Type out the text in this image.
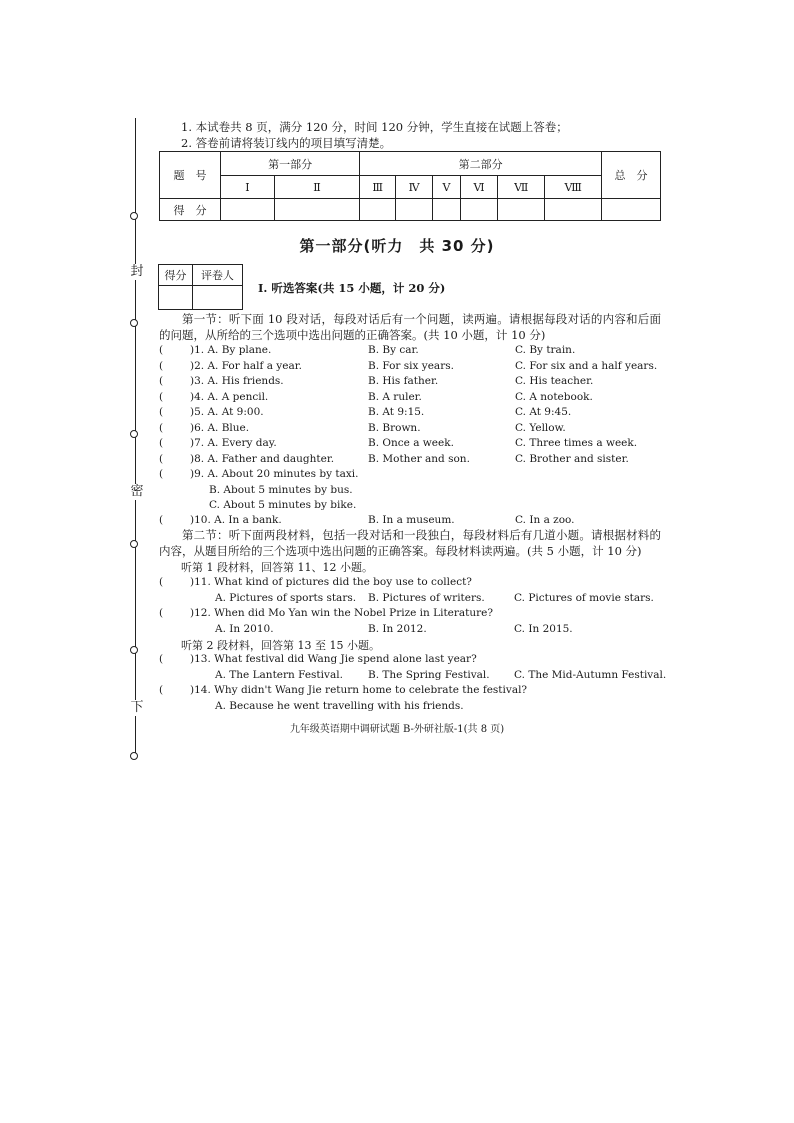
封
密
下
1. 本试卷共 8 页，满分 120 分，时间 120 分钟，学生直接在试题上答卷；
2. 答卷前请将装订线内的项目填写清楚。
题　号	第一部分		第二部分						总　分
	Ⅰ	Ⅱ	Ⅲ	Ⅳ	Ⅴ	Ⅵ	Ⅶ	Ⅷ	
得　分									
第一部分(听力　共 30 分)
得分	评卷人

Ⅰ. 听选答案(共 15 小题，计 20 分)

第一节：听下面 10 段对话，每段对话后有一个问题，读两遍。请根据每段对话的内容和后面的问题，从所给的三个选项中选出问题的正确答案。(共 10 小题，计 10 分)

(	)1. A. By plane.	B. By car.	C. By train.
(	)2. A. For half a year.	B. For six years.	C. For six and a half years.
(	)3. A. His friends.	B. His father.	C. His teacher.
(	)4. A. A pencil.	B. A ruler.	C. A notebook.
(	)5. A. At 9:00.	B. At 9:15.	C. At 9:45.
(	)6. A. Blue.	B. Brown.	C. Yellow.
(	)7. A. Every day.	B. Once a week.	C. Three times a week.
(	)8. A. Father and daughter.	B. Mother and son.	C. Brother and sister.
(	)9. A. About 20 minutes by taxi.
B. About 5 minutes by bus.
C. About 5 minutes by bike.
(	)10. A. In a bank.	B. In a museum.	C. In a zoo.

第二节：听下面两段材料，包括一段对话和一段独白，每段材料后有几道小题。请根据材料的内容，从题目所给的三个选项中选出问题的正确答案。每段材料读两遍。(共 5 小题，计 10 分)

听第 1 段材料，回答第 11、12 小题。
(	)11. What kind of pictures did the boy use to collect?
A. Pictures of sports stars. B. Pictures of writers.	C. Pictures of movie stars.
(	)12. When did Mo Yan win the Nobel Prize in Literature?
A. In 2010.	B. In 2012.	C. In 2015.
听第 2 段材料，回答第 13 至 15 小题。
(	)13. What festival did Wang Jie spend alone last year?
A. The Lantern Festival. B. The Spring Festival. C. The Mid-Autumn Festival.
(	)14. Why didn't Wang Jie return home to celebrate the festival?
A. Because he went travelling with his friends.
九年级英语期中调研试题 B-外研社版-1(共 8 页)
